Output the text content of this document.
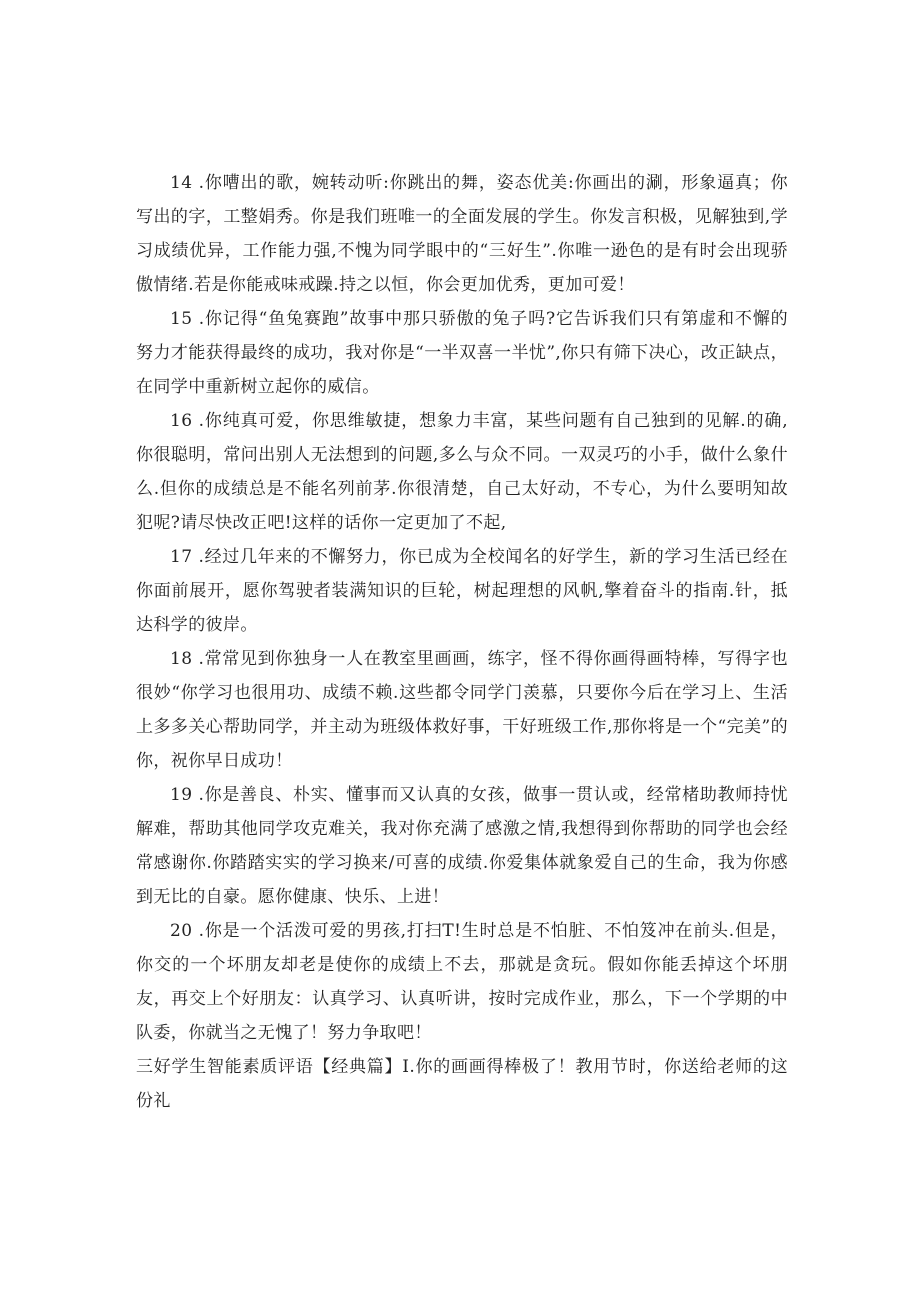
14 .你嘈出的歌，婉转动听:你跳出的舞，姿态优美:你画出的涮，形象逼真；你写出的字，工整娟秀。你是我们班唯一的全面发展的学生。你发言积极，见解独到,学习成绩优异，工作能力强,不愧为同学眼中的“三好生”.你唯一逊色的是有时会出现骄傲情绪.若是你能戒味戒躁.持之以恒，你会更加优秀，更加可爱！

15 .你记得“鱼兔赛跑”故事中那只骄傲的兔子吗?它告诉我们只有第虚和不懈的努力才能获得最终的成功，我对你是“一半双喜一半忧”,你只有筛下决心，改正缺点，在同学中重新树立起你的威信。

16 .你纯真可爱，你思维敏捷，想象力丰富，某些问题有自己独到的见解.的确,你很聪明，常问出别人无法想到的问题,多么与众不同。一双灵巧的小手，做什么象什么.但你的成绩总是不能名列前茅.你很清楚，自己太好动，不专心，为什么要明知故犯呢?请尽快改正吧!这样的话你一定更加了不起,

17 .经过几年来的不懈努力，你已成为全校闻名的好学生，新的学习生活已经在你面前展开，愿你驾驶者装满知识的巨轮，树起理想的风帆,擎着奋斗的指南.针，抵达科学的彼岸。

18 .常常见到你独身一人在教室里画画，练字，怪不得你画得画特棒，写得字也很妙“你学习也很用功、成绩不赖.这些都令同学门羡慕，只要你今后在学习上、生活上多多关心帮助同学，并主动为班级体救好事，干好班级工作,那你将是一个“完美”的你，祝你早日成功！

19 .你是善良、朴实、懂事而又认真的女孩，做事一贯认或，经常楮助教师持忧解难，帮助其他同学攻克难关，我对你充满了感激之情,我想得到你帮助的同学也会经常感谢你.你踏踏实实的学习换来/可喜的成绩.你爱集体就象爱自己的生命，我为你感到无比的自豪。愿你健康、快乐、上进！

20 .你是一个活泼可爱的男孩,打扫T!生时总是不怕脏、不怕笈冲在前头.但是，你交的一个坏朋友却老是使你的成绩上不去，那就是贪玩。假如你能丢掉这个坏朋友，再交上个好朋友：认真学习、认真听讲，按时完成作业，那么，下一个学期的中队委，你就当之无愧了！努力争取吧！

三好学生智能素质评语【经典篇】I.你的画画得棒极了！教用节时，你送给老师的这份礼
